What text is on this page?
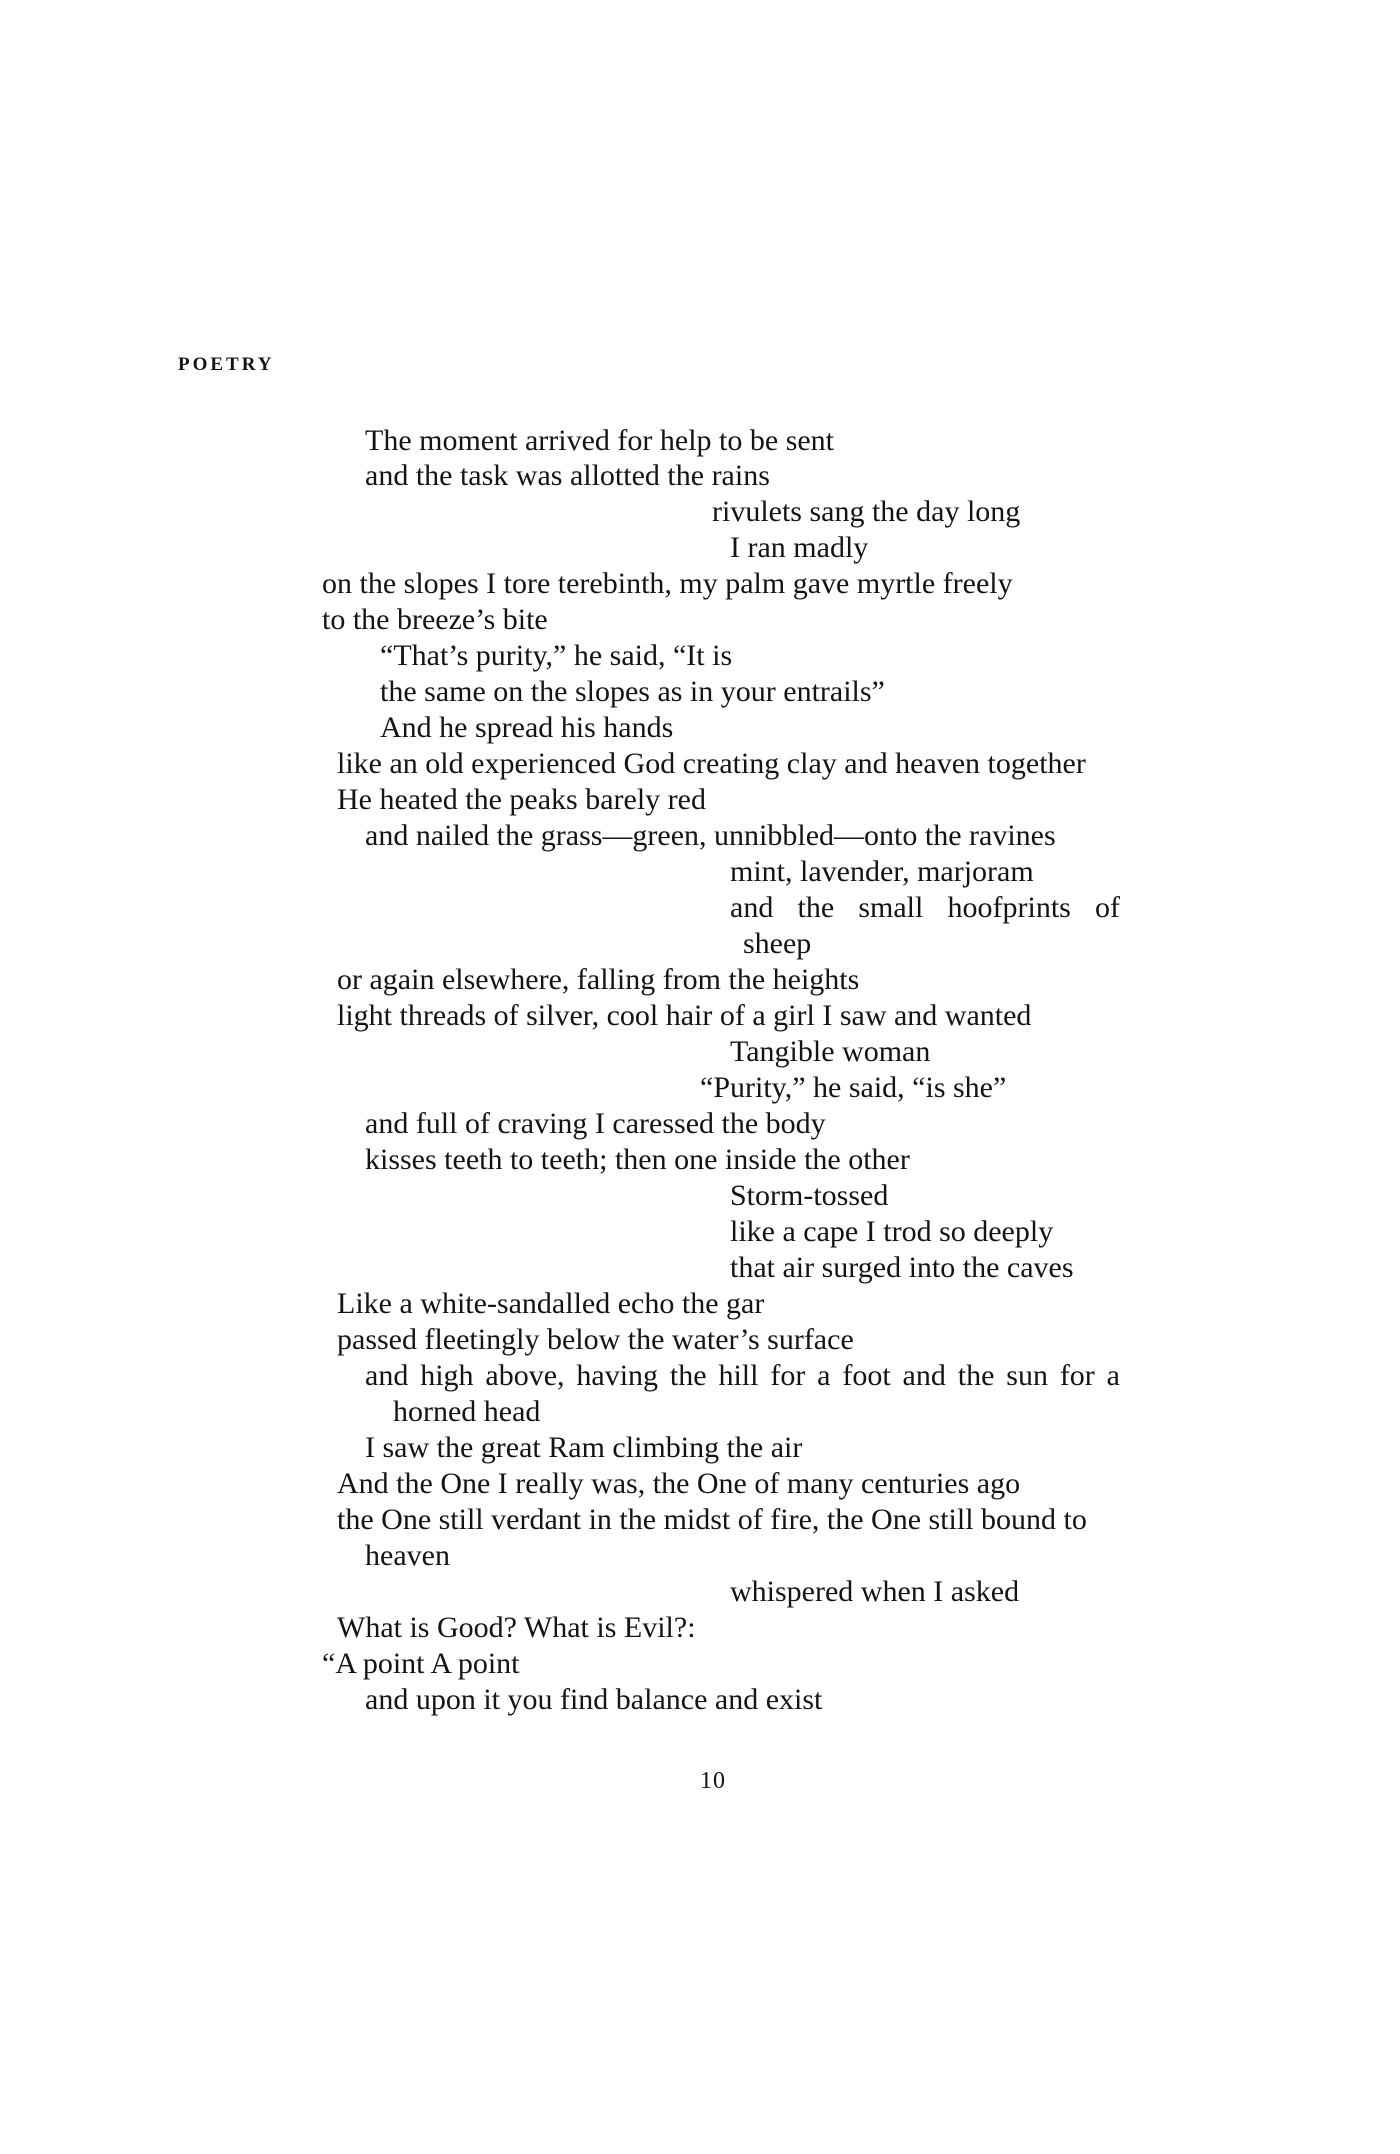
POETRY
The moment arrived for help to be sent
and the task was allotted the rains
rivulets sang the day long
I ran madly
on the slopes I tore terebinth, my palm gave myrtle freely
to the breeze’s bite
“That’s purity,” he said, “It is
the same on the slopes as in your entrails”
And he spread his hands
like an old experienced God creating clay and heaven together
He heated the peaks barely red
and nailed the grass—green, unnibbled—onto the ravines
mint, lavender, marjoram
and the small hoofprints of
sheep
or again elsewhere, falling from the heights
light threads of silver, cool hair of a girl I saw and wanted
Tangible woman
“Purity,” he said, “is she”
and full of craving I caressed the body
kisses teeth to teeth; then one inside the other
Storm-tossed
like a cape I trod so deeply
that air surged into the caves
Like a white-sandalled echo the gar
passed fleetingly below the water’s surface
and high above, having the hill for a foot and the sun for a
horned head
I saw the great Ram climbing the air
And the One I really was, the One of many centuries ago
the One still verdant in the midst of fire, the One still bound to
heaven
whispered when I asked
What is Good? What is Evil?:
“A point A point
and upon it you find balance and exist
10
